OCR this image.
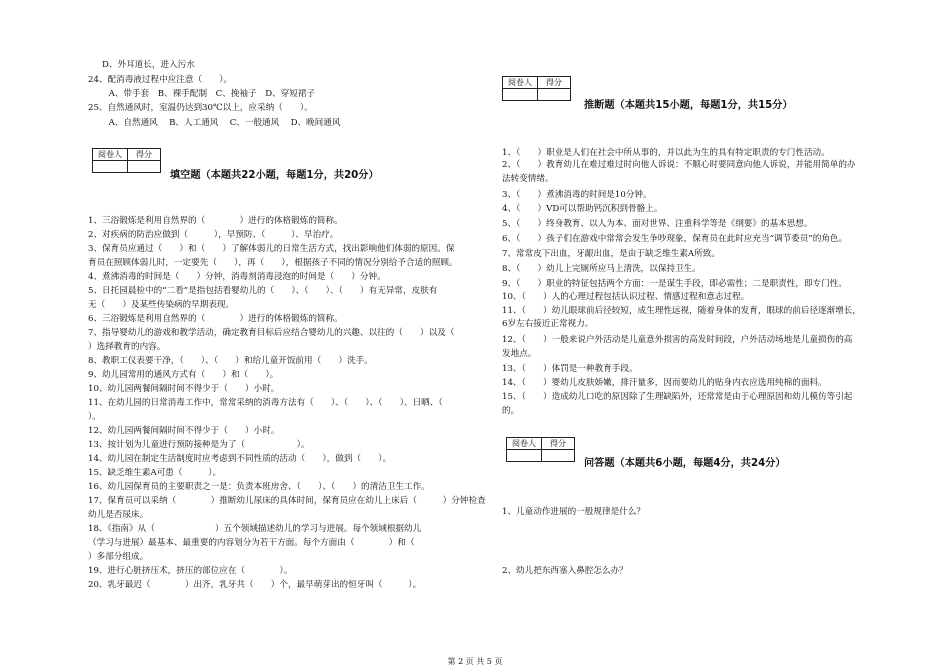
D、外耳道长，进入污水
24、配消毒液过程中应注意（　　）。
　A、带手套　B、裸手配制　C、挽袖子　D、穿短裙子
25、自然通风时，室温仍达到30℃以上，应采纳（　　）。
　A、自然通风　 B、人工通风　 C、一般通风　 D、晚间通风
阅卷人	得分

填空题（本题共22小题，每题1分，共20分）
1、三浴锻炼是利用自然界的（　　　　）进行的体格锻炼的简称。
2、对疾病的防治应做到（　　　），早预防、（　　　）、早治疗。
3、保育员应通过（　　）和（　　）了解体弱儿的日常生活方式，找出影响他们体弱的原因。保
育员在照顾体弱儿时，一定要先（　　），再（　　），根据孩子不同的情况分别给予合适的照顾。
4、煮沸消毒的时间是（　　）分钟，消毒剂消毒浸泡的时间是（　　）分钟。
5、日托园晨检中的“二看”是指包括看婴幼儿的（　　）、（　　）、（　　）有无异常，皮肤有
无（　　）及某些传染病的早期表现。
6、三浴锻炼是利用自然界的（　　　　）进行的体格锻炼的简称。
7、指导婴幼儿的游戏和教学活动，确定教育目标后应结合婴幼儿的兴趣、以往的（　　）以及（
）选择教育的内容。
8、教职工仪表要干净，（　　）、（　　）和给儿童开饭前用（　　）洗手。
9、幼儿园常用的通风方式有（　　）和（　　）。
10、幼儿园两餐间隔时间不得少于（　　）小时。
11、在幼儿园的日常消毒工作中，常常采纳的消毒方法有（　　）、（　　）、（　　）、日晒、（
）。
12、幼儿园两餐间隔时间不得少于（　　）小时。
13、按计划为儿童进行预防接种是为了（　　　　　　）。
14、幼儿园在制定生活制度时应考虑到不同性质的活动（　　），做到（　　）。
15、缺乏维生素A可患（　　　）。
16、幼儿园保育员的主要职责之一是：负责本班房舍、（　　）、（　　）的清洁卫生工作。
17、保育员可以采纳（　　　　）推断幼儿尿床的具体时间，保育员应在幼儿上床后（　　　）分钟检查
幼儿是否尿床。
18、《指南》从（　　　　　　　）五个领域描述幼儿的学习与进展。每个领域根据幼儿
（学习与进展）最基本、最重要的内容划分为若干方面。每个方面由（　　　　）和（
）多部分组成。
19、进行心脏挤压术，挤压的部位应在（　　　　）。
20、乳牙最迟（　　　　）出齐，乳牙共（　　）个，最早萌芽出的恒牙叫（　　　）。
阅卷人	得分

推断题（本题共15小题，每题1分，共15分）
1、（　　）职业是人们在社会中所从事的，并以此为生的具有特定职责的专门性活动。
2、（　　）教育幼儿在难过难过时向他人诉说：不顺心时要同意向他人诉说，并能用简单的办
法转变情绪。
3、（　　）煮沸消毒的时间是10分钟。
4、（　　）VD可以帮助钙沉积到骨骼上。
5、（　　）终身教育、以人为本、面对世界、注重科学等是《纲要》的基本思想。
6、（　　）孩子们在游戏中常常会发生争吵现象，保育员在此时应充当“调节委员”的角色。
7、常常皮下出血，牙龈出血，是由于缺乏维生素A所致。
8、（　　）幼儿上完厕所应马上清洗，以保持卫生。
9、（　　）职业的特征包括两个方面：一是谋生手段，即必需性；二是职责性，即专门性。
10、（　　）人的心理过程包括认识过程、情感过程和意志过程。
11、（　　）幼儿眼球前后径较短，成生理性远视，随着身体的发育，眼球的前后径逐渐增长，
6岁左右接近正常视力。
12、（　　）一般来说户外活动是儿童意外损害的高发时间段，户外活动场地是儿童损伤的高
发地点。
13、（　　）体罚是一种教育手段。
14、（　　）婴幼儿皮肤娇嫩，排汗量多，因而要幼儿的贴身内衣应选用纯棉的面料。
15、（　　）造成幼儿口吃的原因除了生理缺陷外，还常常是由于心理原因和幼儿模仿等引起
的。
阅卷人	得分

问答题（本题共6小题，每题4分，共24分）
1、儿童动作进展的一般规律是什么？
2、幼儿把东西塞入鼻腔怎么办？
第 2 页 共 5 页
